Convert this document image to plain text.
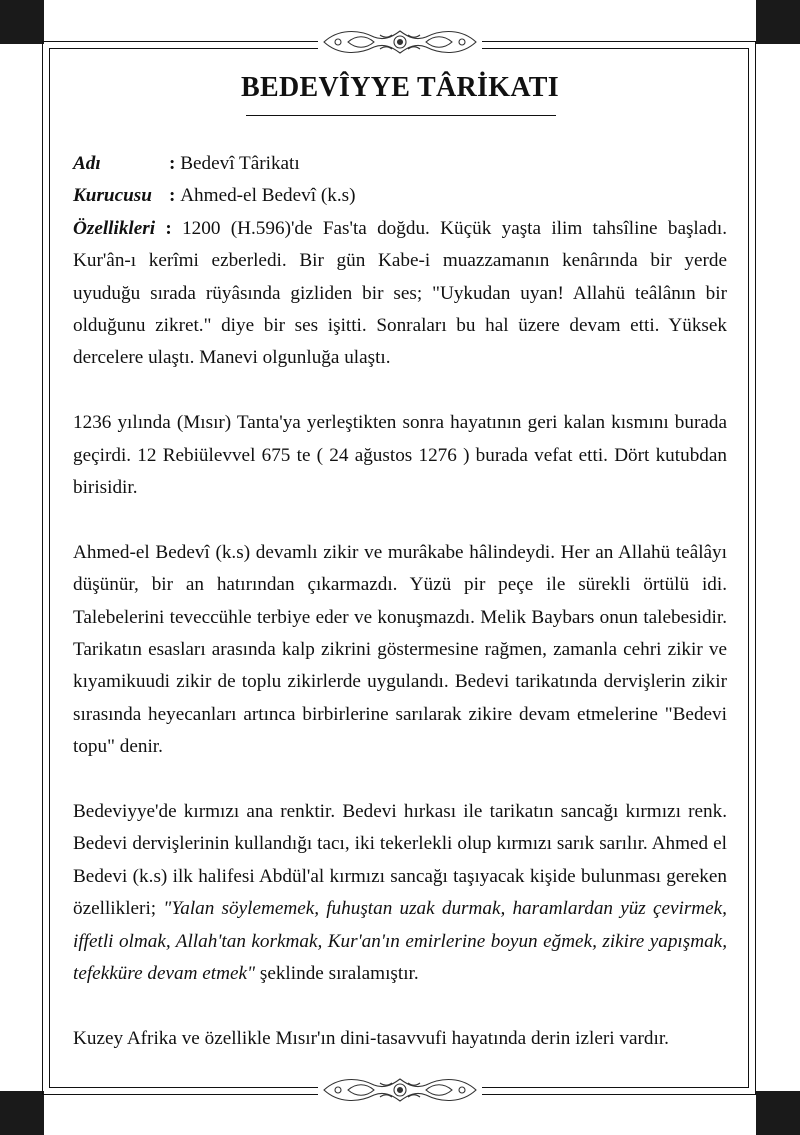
BEDEVÎYYE TÂRİKATI

Adı	: Bedevî Târikatı
Kurucusu : Ahmed-el Bedevî (k.s)

Özellikleri : 1200 (H.596)'de Fas'ta doğdu. Küçük yaşta ilim tahsîline başladı. Kur'ân-ı kerîmi ezberledi. Bir gün Kabe-i muazzamanın kenârında bir yerde uyuduğu sırada rüyâsında gizliden bir ses; "Uykudan uyan! Allahü teâlânın bir olduğunu zikret." diye bir ses işitti. Sonraları bu hal üzere devam etti. Yüksek dercelere ulaştı. Manevi olgunluğa ulaştı.

1236 yılında (Mısır) Tanta'ya yerleştikten sonra hayatının geri kalan kısmını burada geçirdi. 12 Rebiülevvel 675 te ( 24 ağustos 1276 ) burada vefat etti. Dört kutubdan birisidir.

Ahmed-el Bedevî (k.s) devamlı zikir ve murâkabe hâlindeydi. Her an Allahü teâlâyı düşünür, bir an hatırından çıkarmazdı. Yüzü pir peçe ile sürekli örtülü idi. Talebelerini teveccühle terbiye eder ve konuşmazdı. Melik Baybars onun talebesidir. Tarikatın esasları arasında kalp zikrini göstermesine rağmen, zamanla cehri zikir ve kıyamikuudi zikir de toplu zikirlerde uygulandı. Bedevi tarikatında dervişlerin zikir sırasında heyecanları artınca birbirlerine sarılarak zikire devam etmelerine "Bedevi topu" denir.

Bedeviyye'de kırmızı ana renktir. Bedevi hırkası ile tarikatın sancağı kırmızı renk. Bedevi dervişlerinin kullandığı tacı, iki tekerlekli olup kırmızı sarık sarılır. Ahmed el Bedevi (k.s) ilk halifesi Abdül'al kırmızı sancağı taşıyacak kişide bulunması gereken özellikleri; "Yalan söylememek, fuhuştan uzak durmak, haramlardan yüz çevirmek, iffetli olmak, Allah'tan korkmak, Kur'an'ın emirlerine boyun eğmek, zikire yapışmak, tefekküre devam etmek" şeklinde sıralamıştır.

Kuzey Afrika ve özellikle Mısır'ın dini-tasavvufi hayatında derin izleri vardır.
